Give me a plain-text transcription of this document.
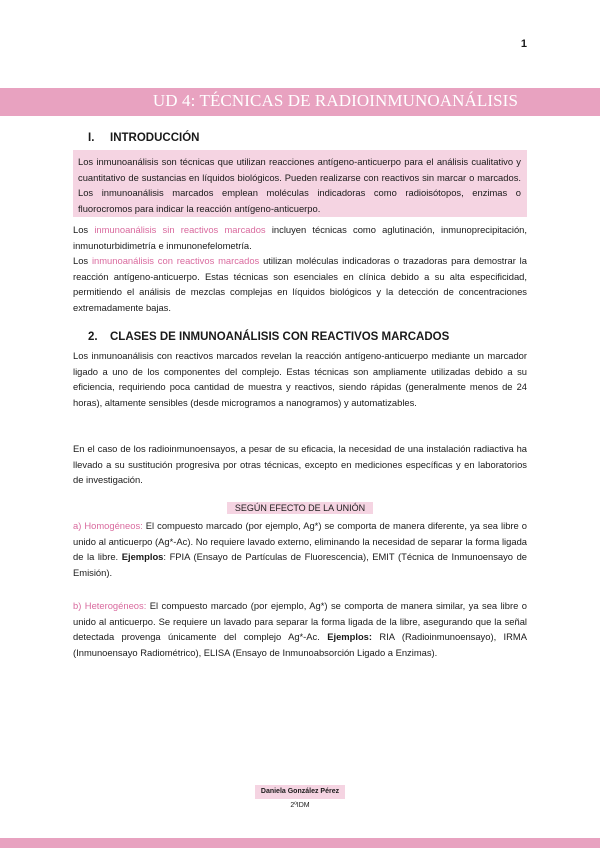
1
UD 4: TÉCNICAS DE RADIOINMUNOANÁLISIS
I. INTRODUCCIÓN

Los inmunoanálisis son técnicas que utilizan reacciones antígeno-anticuerpo para el análisis cualitativo y cuantitativo de sustancias en líquidos biológicos. Pueden realizarse con reactivos sin marcar o marcados. Los inmunoanálisis marcados emplean moléculas indicadoras como radioisótopos, enzimas o fluorocromos para indicar la reacción antígeno-anticuerpo.

Los inmunoanálisis sin reactivos marcados incluyen técnicas como aglutinación, inmunoprecipitación, inmunoturbidimetría e inmunonefelometría.

Los inmunoanálisis con reactivos marcados utilizan moléculas indicadoras o trazadoras para demostrar la reacción antígeno-anticuerpo. Estas técnicas son esenciales en clínica debido a su alta especificidad, permitiendo el análisis de mezclas complejas en líquidos biológicos y la detección de concentraciones extremadamente bajas.

2. CLASES DE INMUNOANÁLISIS CON REACTIVOS MARCADOS

Los inmunoanálisis con reactivos marcados revelan la reacción antígeno-anticuerpo mediante un marcador ligado a uno de los componentes del complejo. Estas técnicas son ampliamente utilizadas debido a su eficiencia, requiriendo poca cantidad de muestra y reactivos, siendo rápidas (generalmente menos de 24 horas), altamente sensibles (desde microgramos a nanogramos) y automatizables.

En el caso de los radioinmunoensayos, a pesar de su eficacia, la necesidad de una instalación radiactiva ha llevado a su sustitución progresiva por otras técnicas, excepto en mediciones específicas y en laboratorios de investigación.

SEGÚN EFECTO DE LA UNIÓN

a) Homogéneos: El compuesto marcado (por ejemplo, Ag*) se comporta de manera diferente, ya sea libre o unido al anticuerpo (Ag*-Ac). No requiere lavado externo, eliminando la necesidad de separar la forma ligada de la libre. Ejemplos: FPIA (Ensayo de Partículas de Fluorescencia), EMIT (Técnica de Inmunoensayo de Emisión).

b) Heterogéneos: El compuesto marcado (por ejemplo, Ag*) se comporta de manera similar, ya sea libre o unido al anticuerpo. Se requiere un lavado para separar la forma ligada de la libre, asegurando que la señal detectada provenga únicamente del complejo Ag*-Ac. Ejemplos: RIA (Radioinmunoensayo), IRMA (Inmunoensayo Radiométrico), ELISA (Ensayo de Inmunoabsorción Ligado a Enzimas).

Daniela González Pérez
2ºIDM
